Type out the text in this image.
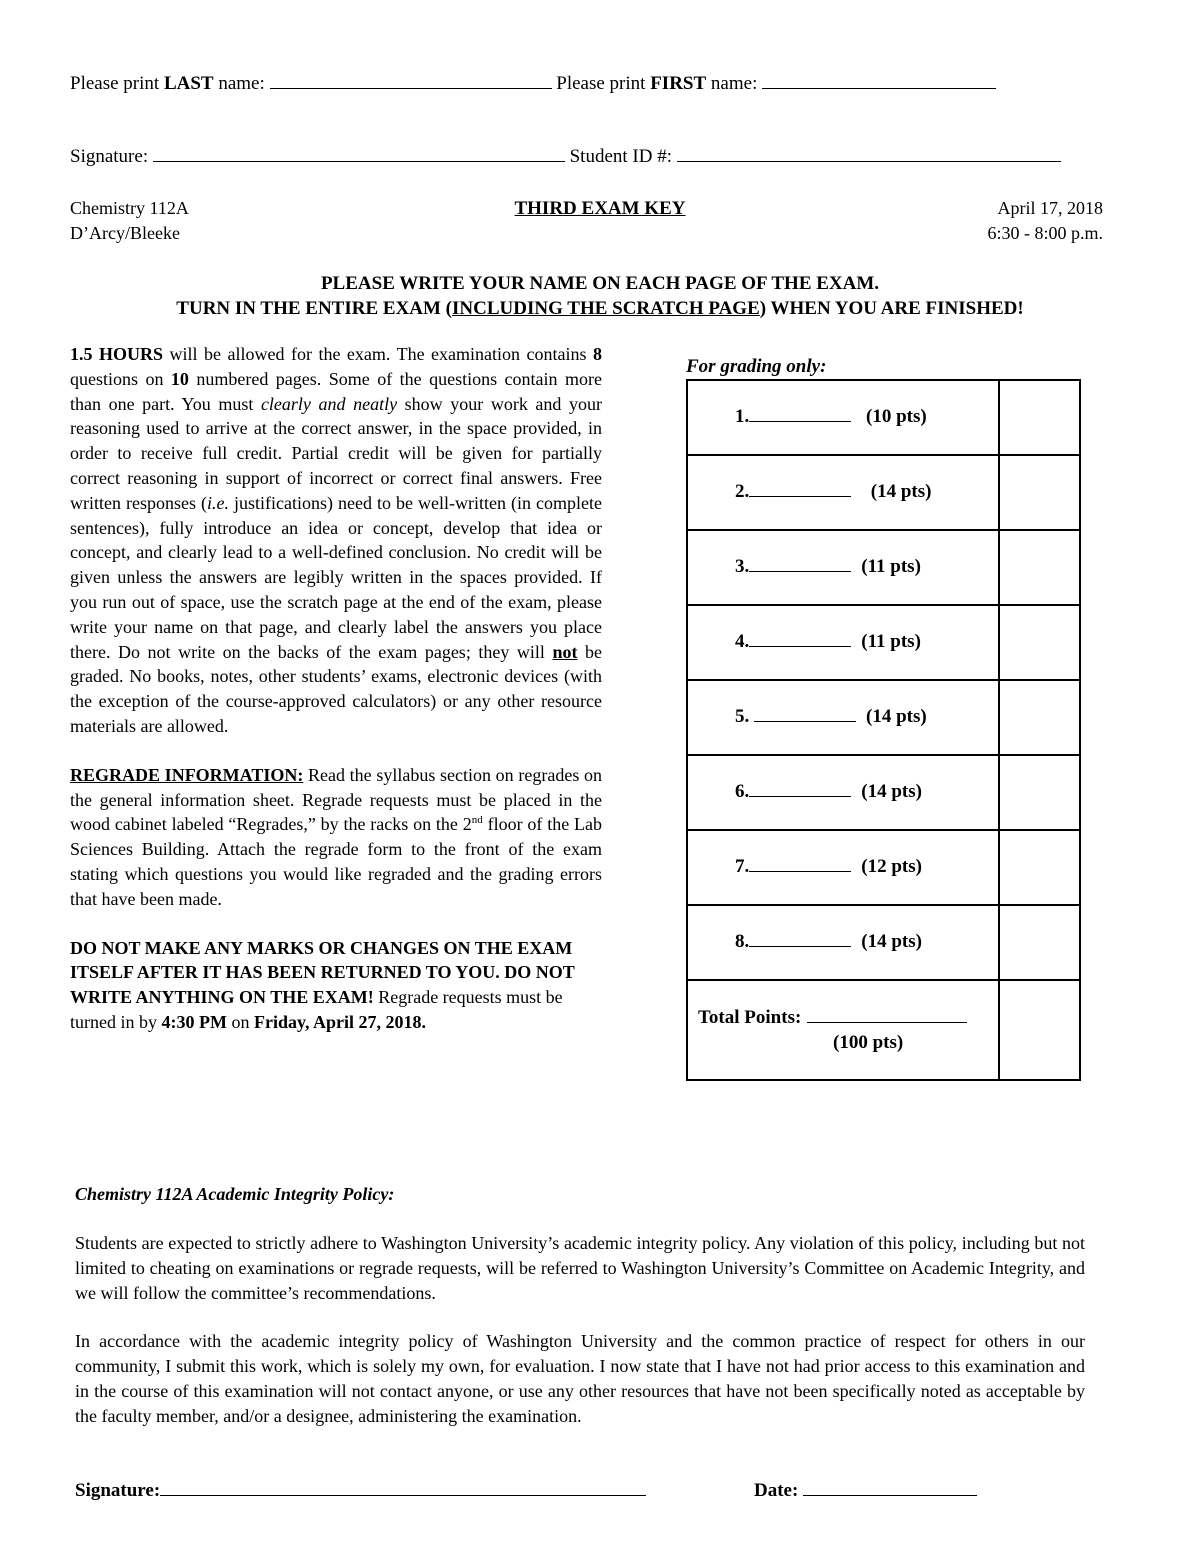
Please print LAST name:	Please print FIRST name:
Signature:	Student ID #:
Chemistry 112A
D’Arcy/Bleeke
THIRD EXAM KEY	April 17, 2018
6:30 - 8:00 p.m.
PLEASE WRITE YOUR NAME ON EACH PAGE OF THE EXAM.
TURN IN THE ENTIRE EXAM (INCLUDING THE SCRATCH PAGE) WHEN YOU ARE FINISHED!

1.5 HOURS will be allowed for the exam. The examination contains 8 questions on 10 numbered pages. Some of the questions contain more than one part. You must clearly and neatly show your work and your reasoning used to arrive at the correct answer, in the space provided, in order to receive full credit. Partial credit will be given for partially correct reasoning in support of incorrect or correct final answers. Free written responses (i.e. justifications) need to be well-written (in complete sentences), fully introduce an idea or concept, develop that idea or concept, and clearly lead to a well-defined conclusion. No credit will be given unless the answers are legibly written in the spaces provided. If you run out of space, use the scratch page at the end of the exam, please write your name on that page, and clearly label the answers you place there. Do not write on the backs of the exam pages; they will not be graded. No books, notes, other students’ exams, electronic devices (with the exception of the course-approved calculators) or any other resource materials are allowed.

REGRADE INFORMATION: Read the syllabus section on regrades on the general information sheet. Regrade requests must be placed in the wood cabinet labeled “Regrades,” by the racks on the 2nd floor of the Lab Sciences Building. Attach the regrade form to the front of the exam stating which questions you would like regraded and the grading errors that have been made.

DO NOT MAKE ANY MARKS OR CHANGES ON THE EXAM ITSELF AFTER IT HAS BEEN RETURNED TO YOU. DO NOT WRITE ANYTHING ON THE EXAM! Regrade requests must be turned in by 4:30 PM on Friday, April 27, 2018.

For grading only:
1. (10 pts)	

2. (14 pts)	

3. (11 pts)	

4. (11 pts)	

5. (14 pts)	

6. (14 pts)	

7. (12 pts)	

8. (14 pts)	

Total Points:
(100 pts)	

Chemistry 112A Academic Integrity Policy:

Students are expected to strictly adhere to Washington University’s academic integrity policy. Any violation of this policy, including but not limited to cheating on examinations or regrade requests, will be referred to Washington University’s Committee on Academic Integrity, and we will follow the committee’s recommendations.

In accordance with the academic integrity policy of Washington University and the common practice of respect for others in our community, I submit this work, which is solely my own, for evaluation. I now state that I have not had prior access to this examination and in the course of this examination will not contact anyone, or use any other resources that have not been specifically noted as acceptable by the faculty member, and/or a designee, administering the examination.

Signature:	Date:
